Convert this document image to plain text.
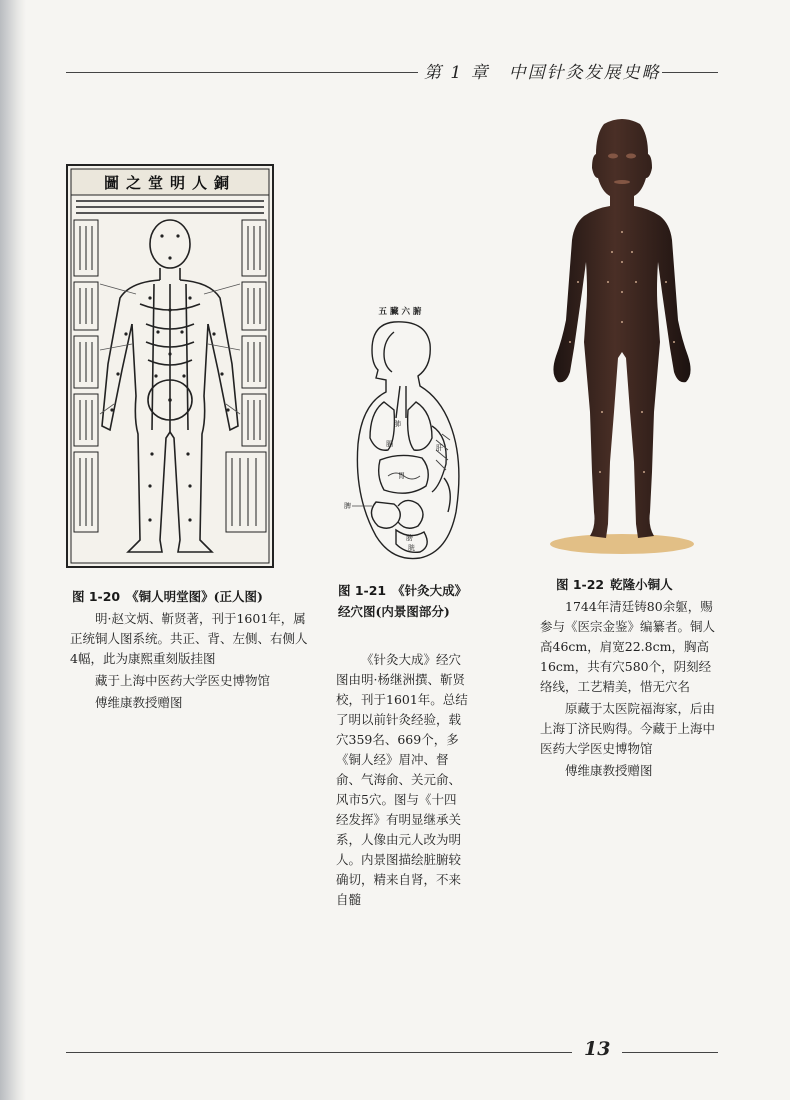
第 1 章　中国针灸发展史略
圖之堂明人銅
五 臟 六 腑
肺
膈
胃
肝
脾
膀
胱
图 1-20 《铜人明堂图》(正人图)
明·赵文炳、靳贤著，刊于1601年，属正统铜人图系统。共正、背、左侧、右侧人4幅，此为康熙重刻版挂图
藏于上海中医药大学医史博物馆
傅维康教授赠图
图 1-21 《针灸大成》经穴图(内景图部分)
《针灸大成》经穴图由明·杨继洲撰、靳贤校，刊于1601年。总结了明以前针灸经验，载穴359名、669个，多《铜人经》眉冲、督俞、气海俞、关元俞、风市5穴。图与《十四经发挥》有明显继承关系，人像由元人改为明人。内景图描绘脏腑较确切，精来自肾，不来自髓
图 1-22 乾隆小铜人
1744年清廷铸80余躯，赐参与《医宗金鉴》编纂者。铜人高46cm，肩宽22.8cm，胸高16cm，共有穴580个，阴刻经络线，工艺精美，惜无穴名
原藏于太医院福海家，后由上海丁济民购得。今藏于上海中医药大学医史博物馆
傅维康教授赠图
13
